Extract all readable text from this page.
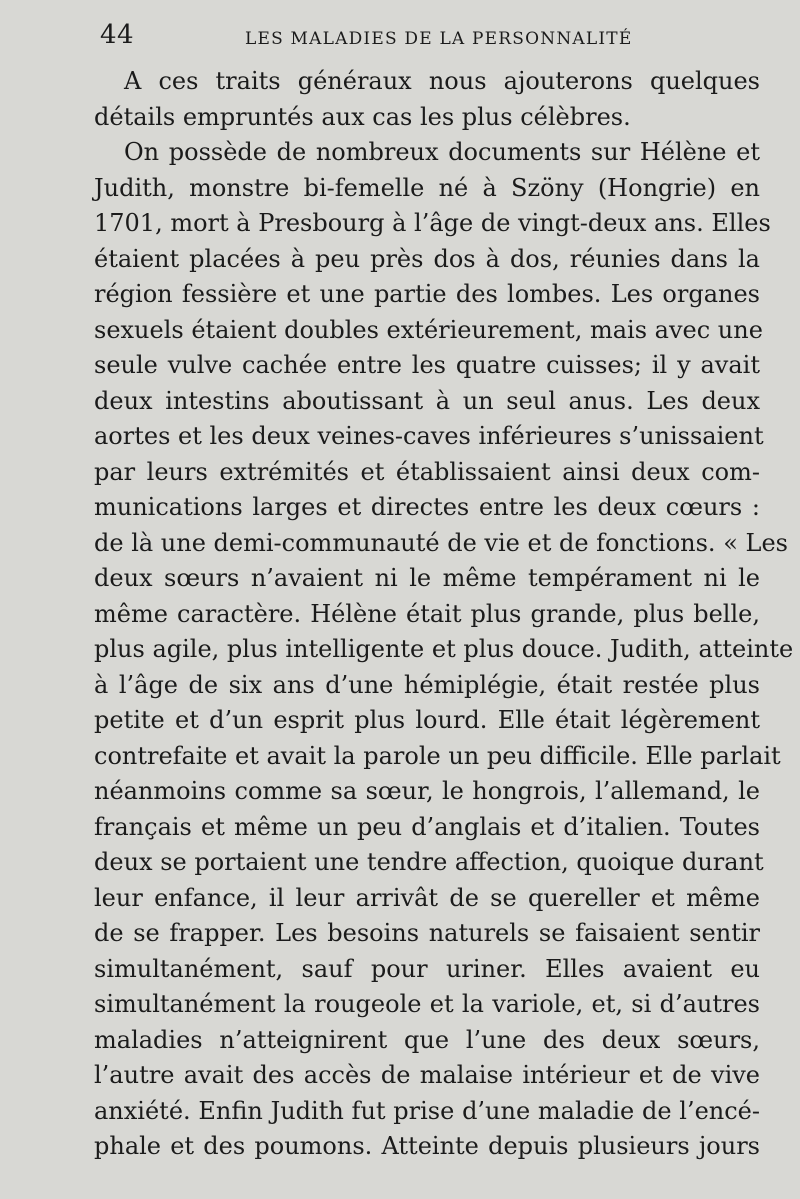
44	LES MALADIES DE LA PERSONNALITÉ
A ces traits généraux nous ajouterons quelques
détails empruntés aux cas les plus célèbres.
On possède de nombreux documents sur Hélène et
Judith, monstre bi-femelle né à Szöny (Hongrie) en
1701, mort à Presbourg à l’âge de vingt-deux ans. Elles
étaient placées à peu près dos à dos, réunies dans la
région fessière et une partie des lombes. Les organes
sexuels étaient doubles extérieurement, mais avec une
seule vulve cachée entre les quatre cuisses; il y avait
deux intestins aboutissant à un seul anus. Les deux
aortes et les deux veines-caves inférieures s’unissaient
par leurs extrémités et établissaient ainsi deux com-
munications larges et directes entre les deux cœurs :
de là une demi-communauté de vie et de fonctions. « Les
deux sœurs n’avaient ni le même tempérament ni le
même caractère. Hélène était plus grande, plus belle,
plus agile, plus intelligente et plus douce. Judith, atteinte
à l’âge de six ans d’une hémiplégie, était restée plus
petite et d’un esprit plus lourd. Elle était légèrement
contrefaite et avait la parole un peu difficile. Elle parlait
néanmoins comme sa sœur, le hongrois, l’allemand, le
français et même un peu d’anglais et d’italien. Toutes
deux se portaient une tendre affection, quoique durant
leur enfance, il leur arrivât de se quereller et même
de se frapper. Les besoins naturels se faisaient sentir
simultanément, sauf pour uriner. Elles avaient eu
simultanément la rougeole et la variole, et, si d’autres
maladies n’atteignirent que l’une des deux sœurs,
l’autre avait des accès de malaise intérieur et de vive
anxiété. Enfin Judith fut prise d’une maladie de l’encé-
phale et des poumons. Atteinte depuis plusieurs jours
